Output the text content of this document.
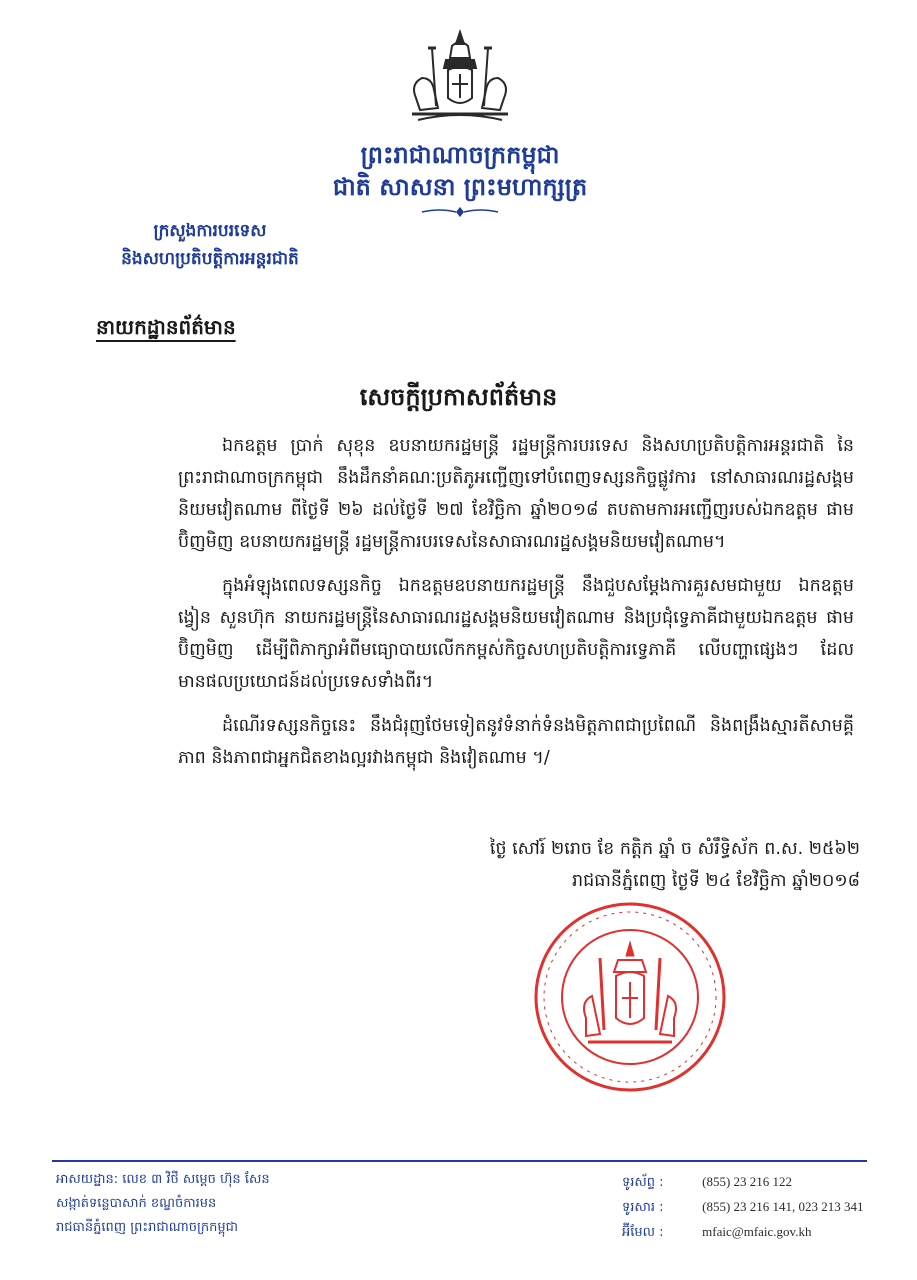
ព្រះរាជាណាចក្រកម្ពុជា
ជាតិ សាសនា ព្រះមហាក្សត្រ
ក្រសួងការបរទេស
និងសហប្រតិបត្តិការអន្តរជាតិ
នាយកដ្ឋានព័ត៌មាន
សេចក្តីប្រកាសព័ត៌មាន

ឯកឧត្តម ប្រាក់ សុខុន ឧបនាយករដ្ឋមន្ត្រី រដ្ឋមន្ត្រីការបរទេស និងសហប្រតិបត្តិការអន្តរជាតិ នៃព្រះរាជាណាចក្រកម្ពុជា នឹងដឹកនាំគណៈប្រតិភូអញ្ជើញទៅបំពេញទស្សនកិច្ចផ្លូវការ នៅសាធារណរដ្ឋសង្គមនិយមវៀតណាម ពីថ្ងៃទី ២៦ ដល់ថ្ងៃទី ២៧ ខែវិច្ឆិកា ឆ្នាំ២០១៨ តបតាមការអញ្ជើញរបស់ឯកឧត្តម ផាម ប៊ិញមិញ ឧបនាយករដ្ឋមន្ត្រី រដ្ឋមន្ត្រីការបរទេសនៃសាធារណរដ្ឋសង្គមនិយមវៀតណាម។

ក្នុងអំឡុងពេលទស្សនកិច្ច ឯកឧត្តមឧបនាយករដ្ឋមន្ត្រី នឹងជួបសម្តែងការគួរសមជាមួយ ឯកឧត្តម ង្វៀន សួនហ៊ុក នាយករដ្ឋមន្ត្រីនៃសាធារណរដ្ឋសង្គមនិយមវៀតណាម និងប្រជុំទ្វេភាគីជាមួយឯកឧត្តម ផាម ប៊ិញមិញ ដើម្បីពិភាក្សាអំពីមធ្យោបាយលើកកម្ពស់កិច្ចសហប្រតិបត្តិការទ្វេភាគី លើបញ្ហាផ្សេងៗ ដែលមានផលប្រយោជន៍ដល់ប្រទេសទាំងពីរ។

ដំណើរទស្សនកិច្ចនេះ នឹងជំរុញថែមទៀតនូវទំនាក់ទំនងមិត្តភាពជាប្រពៃណី និងពង្រឹងស្មារតីសាមគ្គីភាព និងភាពជាអ្នកជិតខាងល្អរវាងកម្ពុជា និងវៀតណាម ។/

ថ្ងៃ សៅរ៍ ២រោច ខែ កត្តិក ឆ្នាំ ច សំរឹទ្ធិស័ក ព.ស. ២៥៦២
រាជធានីភ្នំពេញ ថ្ងៃទី ២៤ ខែវិច្ឆិកា ឆ្នាំ២០១៨
អាសយដ្ឋាន: លេខ ៣ វិថី សម្តេច ហ៊ុន សែន
សង្កាត់ទន្លេបាសាក់ ខណ្ឌចំការមន
រាជធានីភ្នំពេញ ព្រះរាជាណាចក្រកម្ពុជា
ទូរស័ព្ទ :	(855) 23 216 122
ទូរសារ :	(855) 23 216 141, 023 213 341
អ៊ីមែល :	mfaic@mfaic.gov.kh
